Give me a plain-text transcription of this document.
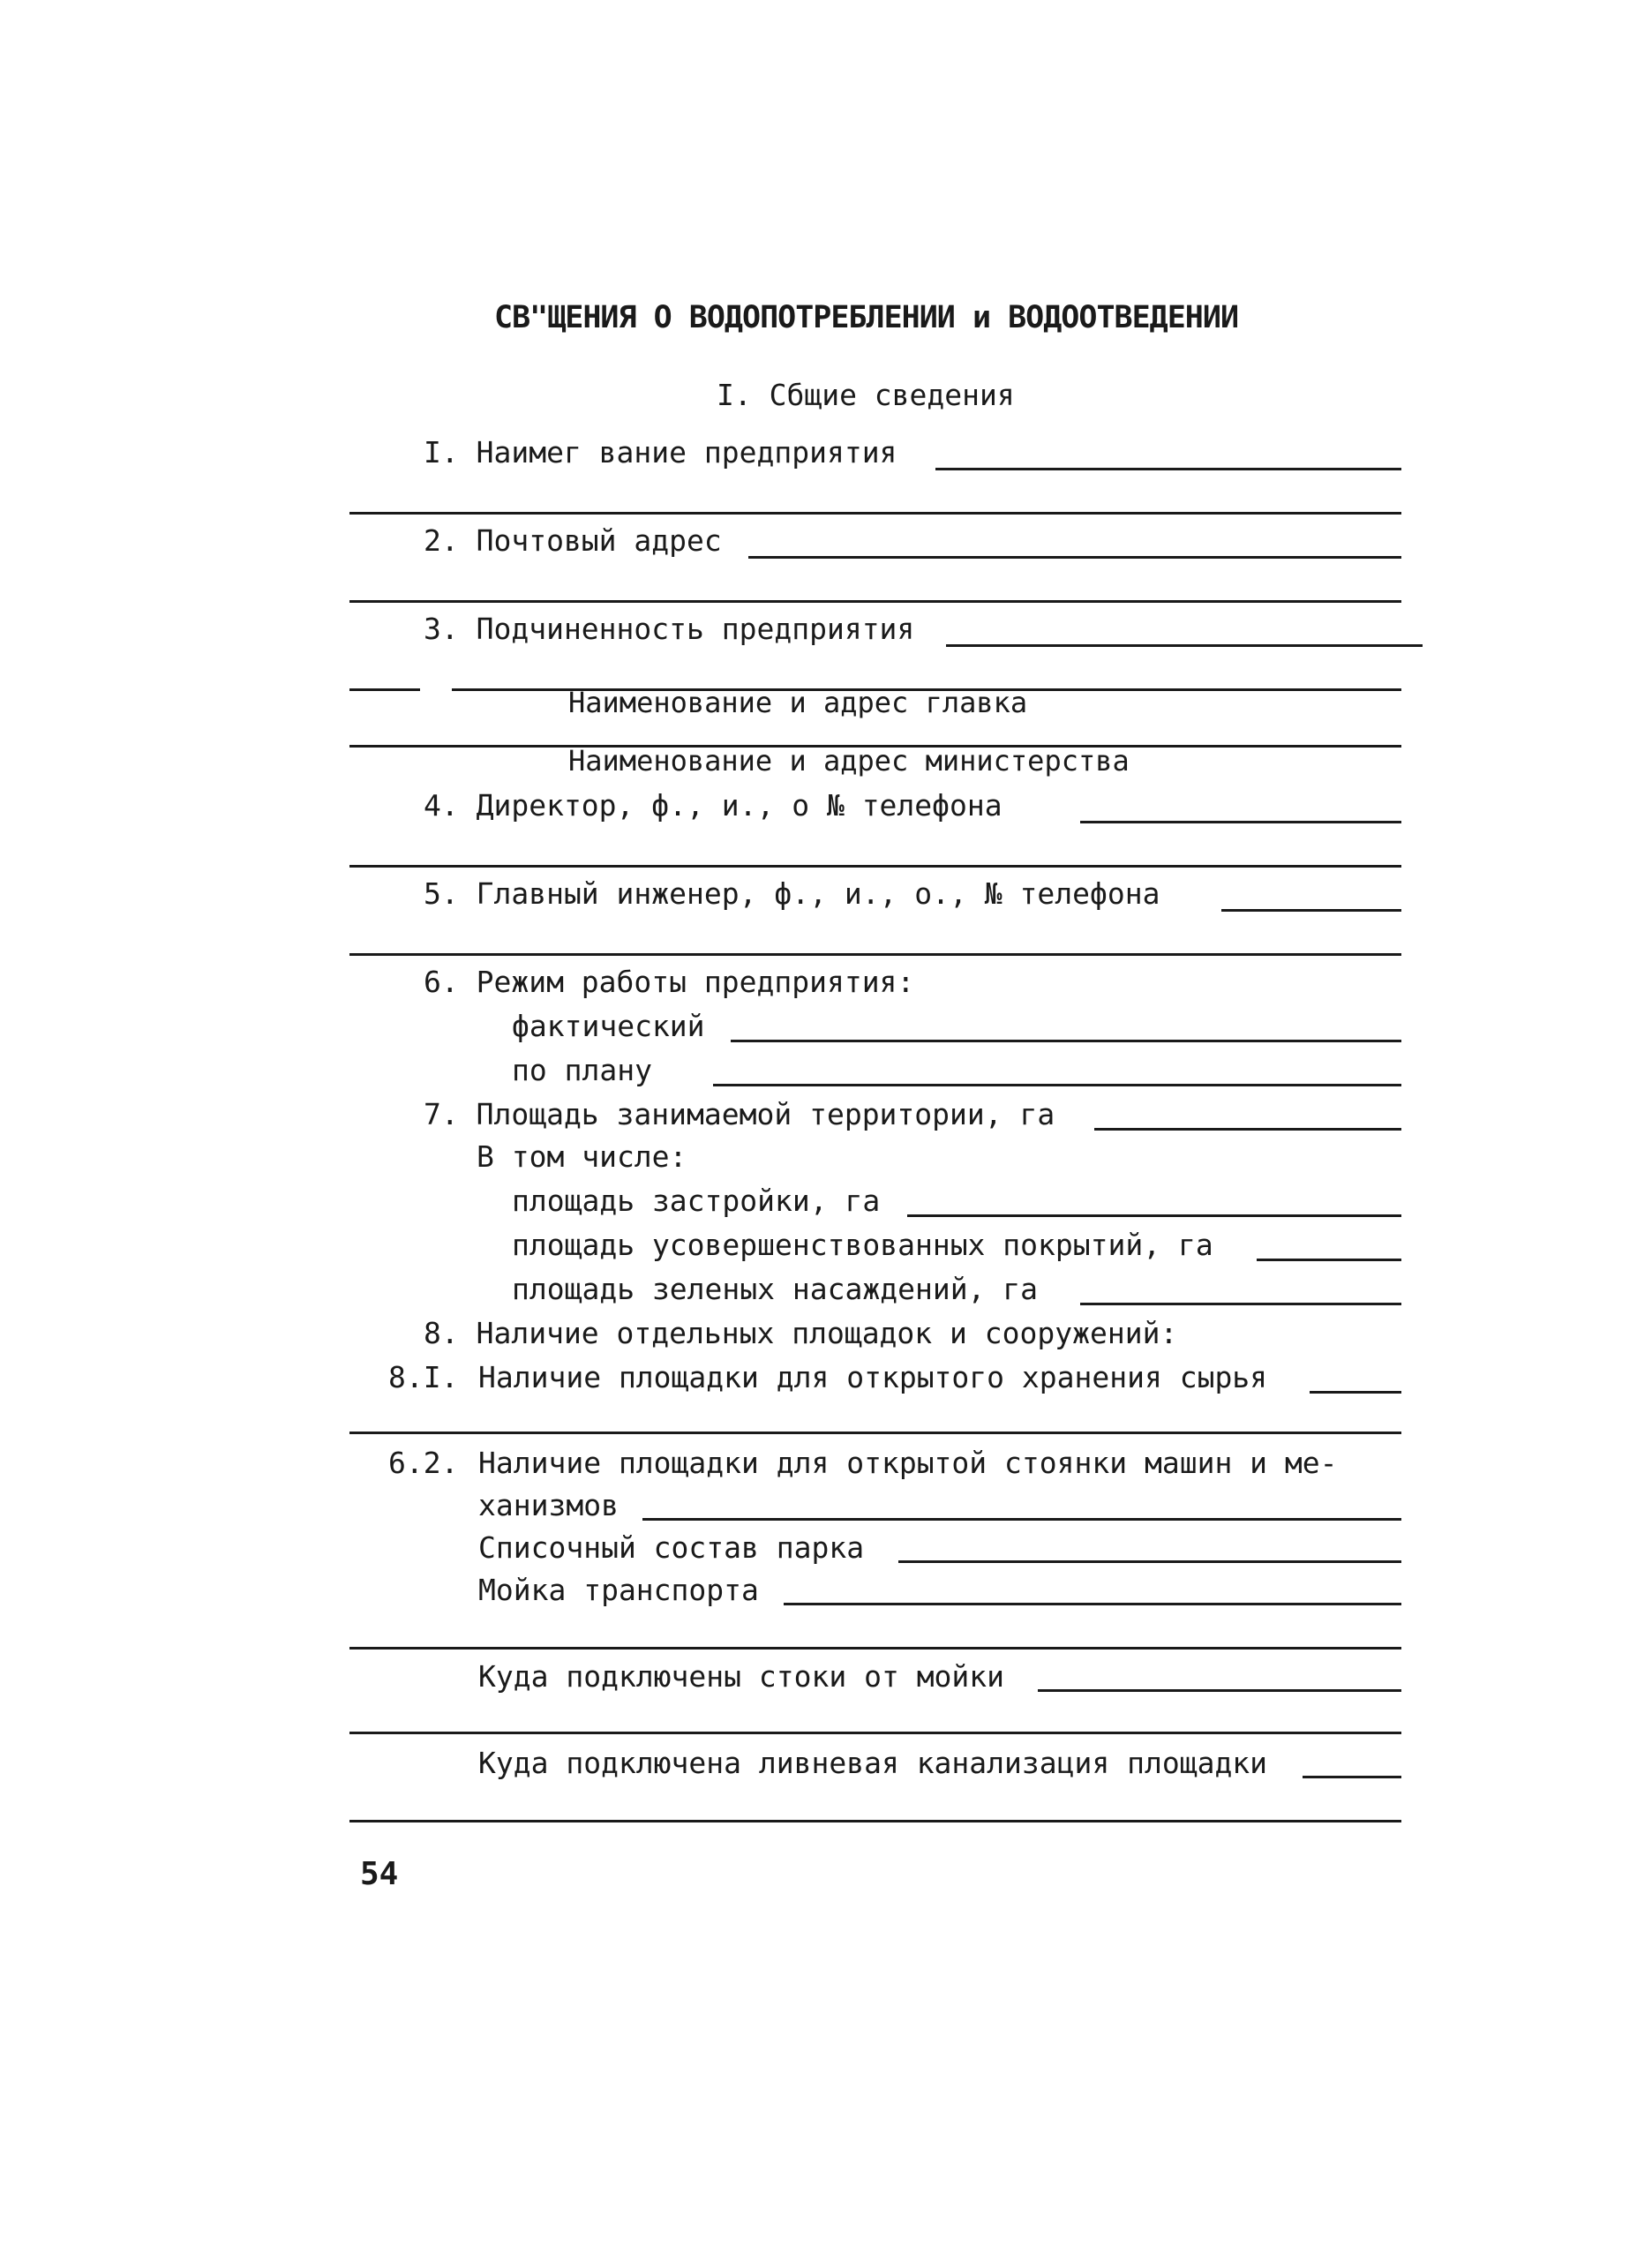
СВ"ЩЕНИЯ О ВОДОПОТРЕБЛЕНИИ и ВОДООТВЕДЕНИИ
I. Сбщие сведения
I. Наимег вание предприятия
2. Почтовый адрес
3. Подчиненность предприятия
Наименование и адрес главка
Наименование и адрес министерства
4. Директор, ф., и., о № телефона
5. Главный инженер, ф., и., о., № телефона
6. Режим работы предприятия:
фактический
по плану
7. Площадь занимаемой территории, га
В том числе:
площадь застройки, га
площадь усовершенствованных покрытий, га
площадь зеленых насаждений, га
8. Наличие отдельных площадок и сооружений:
8.I. Наличие площадки для открытого хранения сырья
6.2. Наличие площадки для открытой стоянки машин и ме-
ханизмов
Списочный состав парка
Мойка транспорта
Куда подключены стоки от мойки
Куда подключена ливневая канализация площадки
54
